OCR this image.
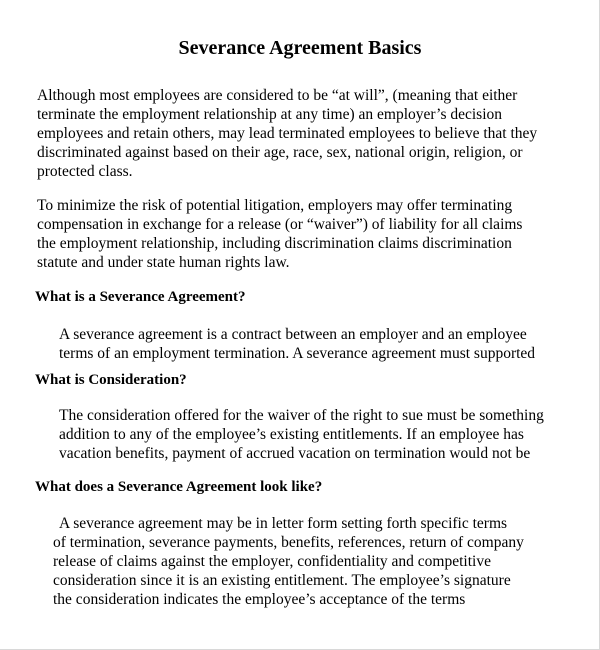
Severance Agreement Basics

Although most employees are considered to be “at will”, (meaning that either

terminate the employment relationship at any time) an employer’s decision

employees and retain others, may lead terminated employees to believe that they

discriminated against based on their age, race, sex, national origin, religion, or

protected class.

To minimize the risk of potential litigation, employers may offer terminating

compensation in exchange for a release (or “waiver”) of liability for all claims

the employment relationship, including discrimination claims discrimination

statute and under state human rights law.

What is a Severance Agreement?

A severance agreement is a contract between an employer and an employee

terms of an employment termination. A severance agreement must supported

What is Consideration?

The consideration offered for the waiver of the right to sue must be something

addition to any of the employee’s existing entitlements. If an employee has

vacation benefits, payment of accrued vacation on termination would not be

What does a Severance Agreement look like?

A severance agreement may be in letter form setting forth specific terms

of termination, severance payments, benefits, references, return of company

release of claims against the employer, confidentiality and competitive

consideration since it is an existing entitlement. The employee’s signature

the consideration indicates the employee’s acceptance of the terms
